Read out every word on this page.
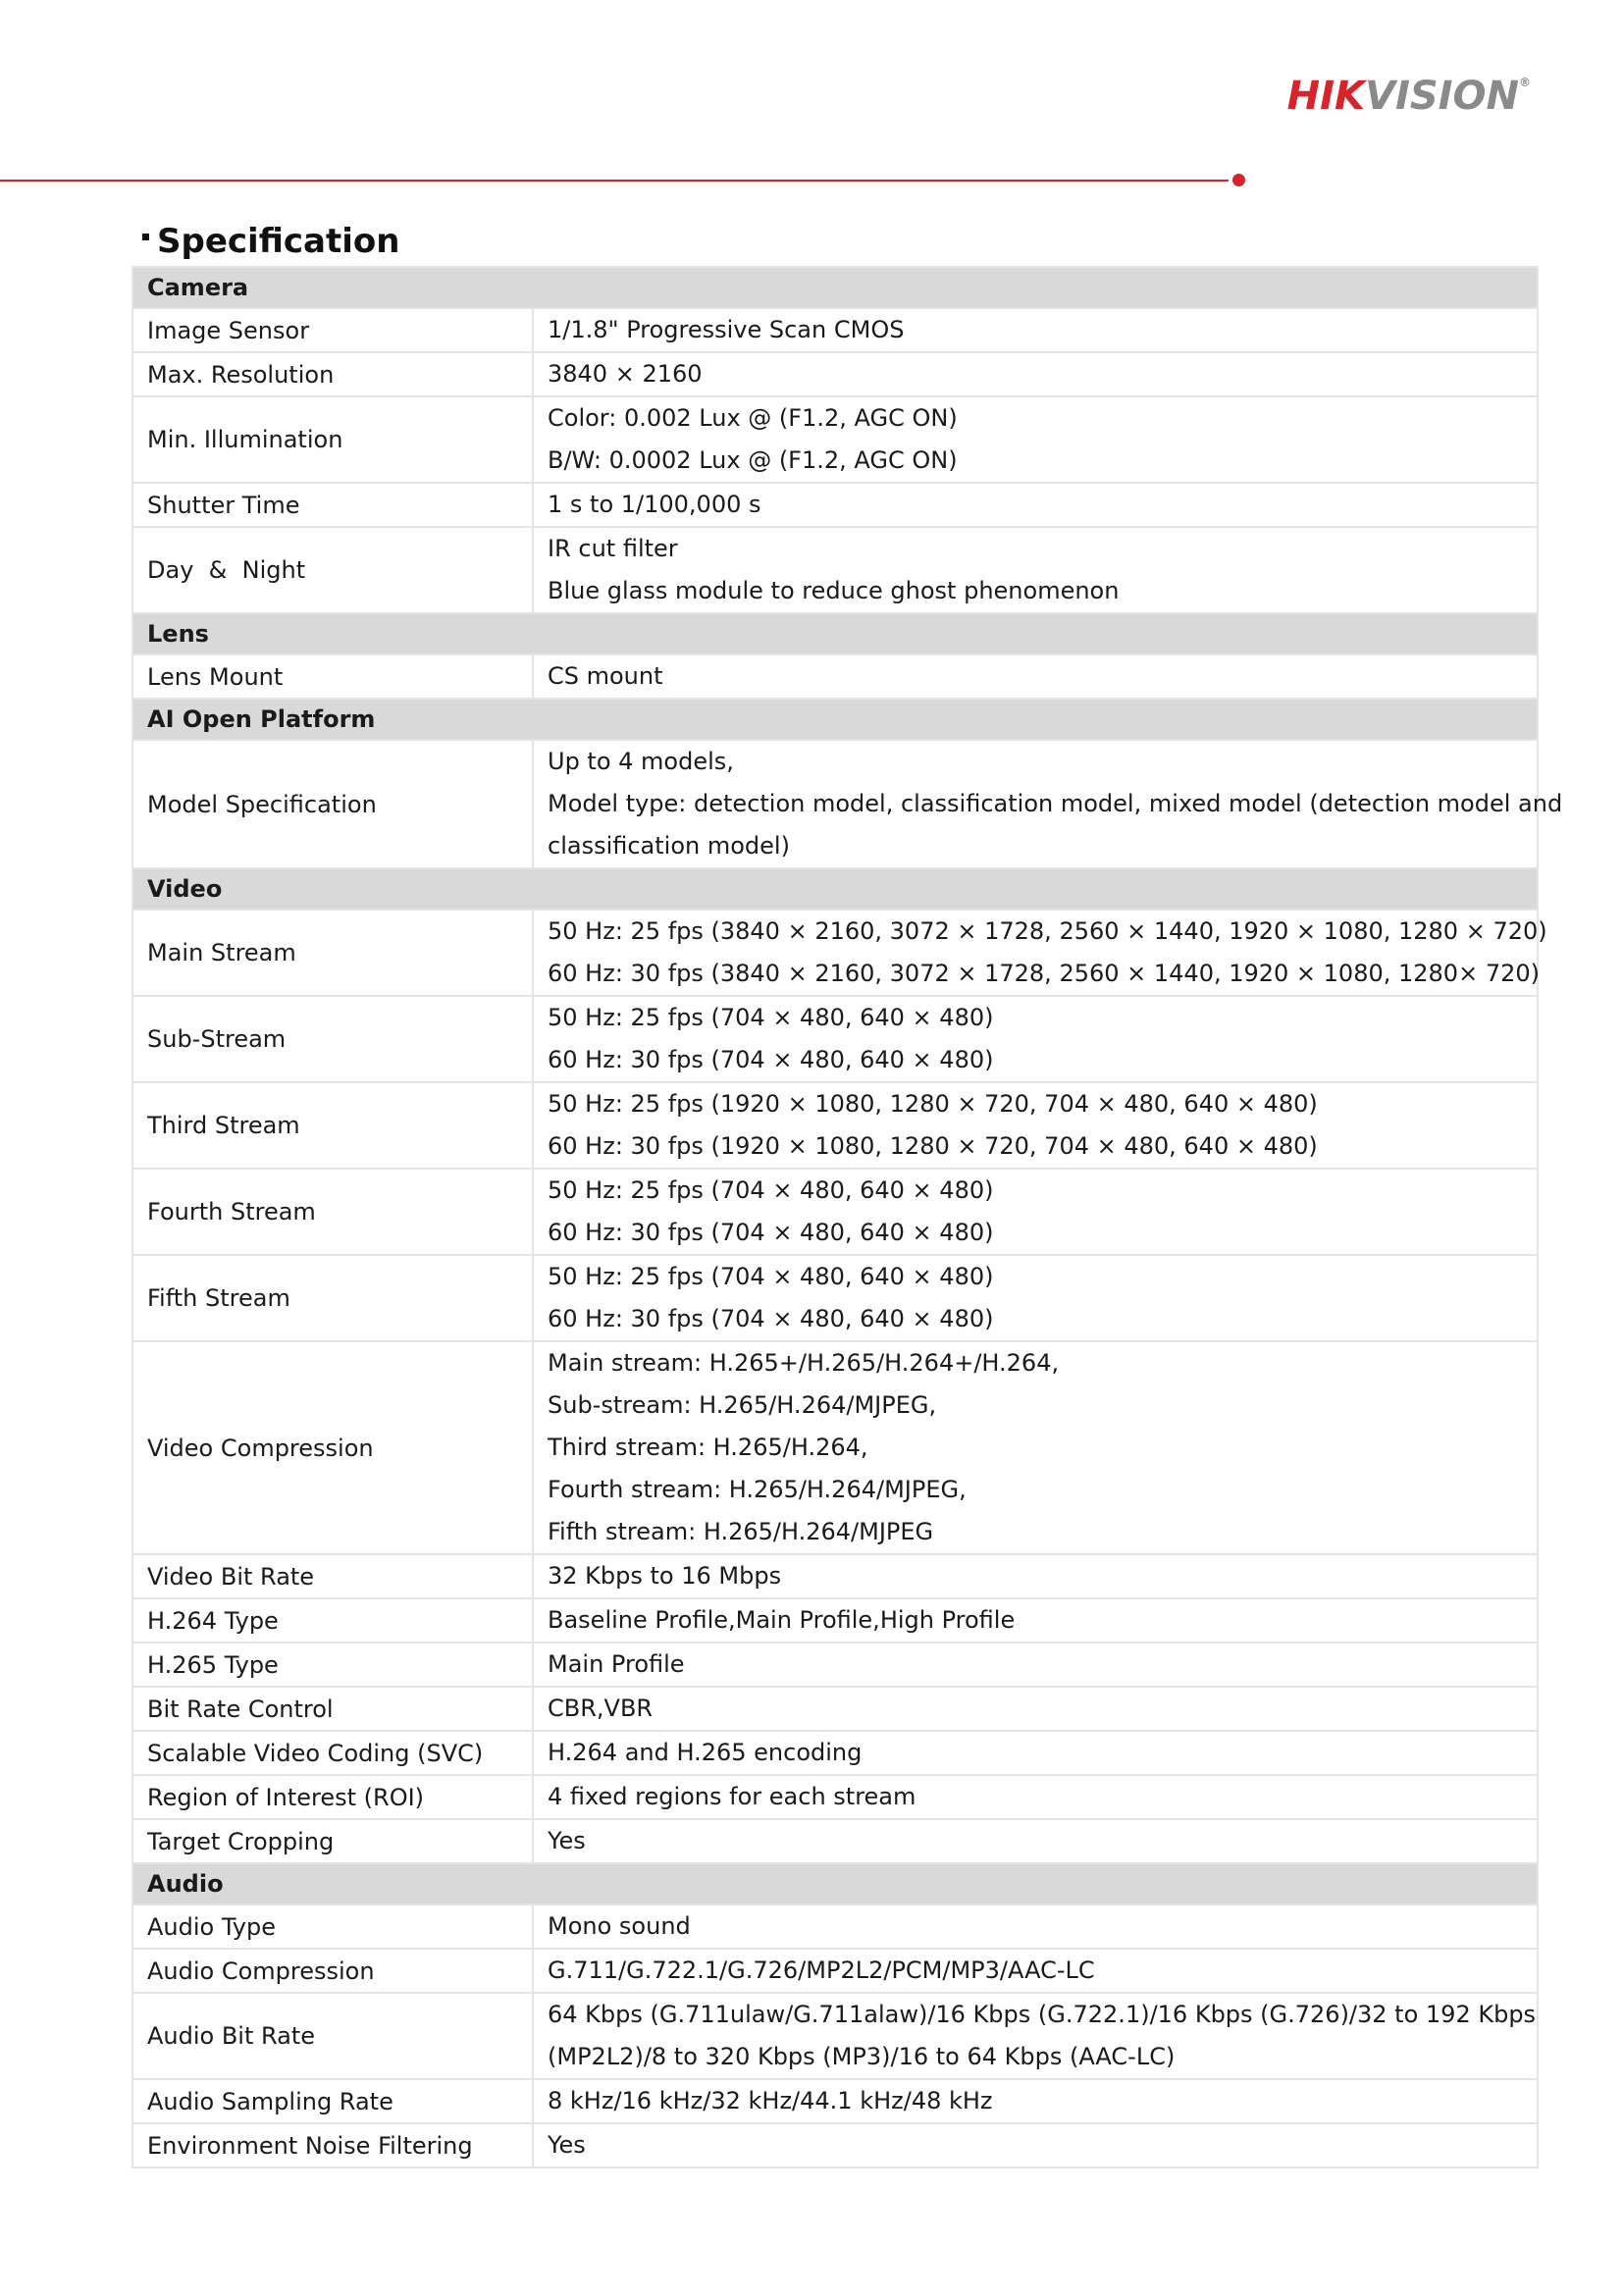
HIKVISION®
Specification
Camera	
Image Sensor	1/1.8" Progressive Scan CMOS

Max. Resolution	3840 × 2160

Min. Illumination	Color: 0.002 Lux @ (F1.2, AGC ON)
B/W: 0.0002 Lux @ (F1.2, AGC ON)

Shutter Time	1 s to 1/100,000 s

Day  &  Night	IR cut filter
Blue glass module to reduce ghost phenomenon

Lens	
Lens Mount	CS mount

AI Open Platform	
Model Specification	Up to 4 models,
Model type: detection model, classification model, mixed model (detection model and
classification model)

Video	
Main Stream	50 Hz: 25 fps (3840 × 2160, 3072 × 1728, 2560 × 1440, 1920 × 1080, 1280 × 720)
60 Hz: 30 fps (3840 × 2160, 3072 × 1728, 2560 × 1440, 1920 × 1080, 1280× 720)

Sub-Stream	50 Hz: 25 fps (704 × 480, 640 × 480)
60 Hz: 30 fps (704 × 480, 640 × 480)

Third Stream	50 Hz: 25 fps (1920 × 1080, 1280 × 720, 704 × 480, 640 × 480)
60 Hz: 30 fps (1920 × 1080, 1280 × 720, 704 × 480, 640 × 480)

Fourth Stream	50 Hz: 25 fps (704 × 480, 640 × 480)
60 Hz: 30 fps (704 × 480, 640 × 480)

Fifth Stream	50 Hz: 25 fps (704 × 480, 640 × 480)
60 Hz: 30 fps (704 × 480, 640 × 480)

Video Compression	Main stream: H.265+/H.265/H.264+/H.264,
Sub-stream: H.265/H.264/MJPEG,
Third stream: H.265/H.264,
Fourth stream: H.265/H.264/MJPEG,
Fifth stream: H.265/H.264/MJPEG

Video Bit Rate	32 Kbps to 16 Mbps

H.264 Type	Baseline Profile,Main Profile,High Profile

H.265 Type	Main Profile

Bit Rate Control	CBR,VBR

Scalable Video Coding (SVC)	H.264 and H.265 encoding

Region of Interest (ROI)	4 fixed regions for each stream

Target Cropping	Yes

Audio	
Audio Type	Mono sound

Audio Compression	G.711/G.722.1/G.726/MP2L2/PCM/MP3/AAC-LC

Audio Bit Rate	64 Kbps (G.711ulaw/G.711alaw)/16 Kbps (G.722.1)/16 Kbps (G.726)/32 to 192 Kbps
(MP2L2)/8 to 320 Kbps (MP3)/16 to 64 Kbps (AAC-LC)

Audio Sampling Rate	8 kHz/16 kHz/32 kHz/44.1 kHz/48 kHz

Environment Noise Filtering	Yes
